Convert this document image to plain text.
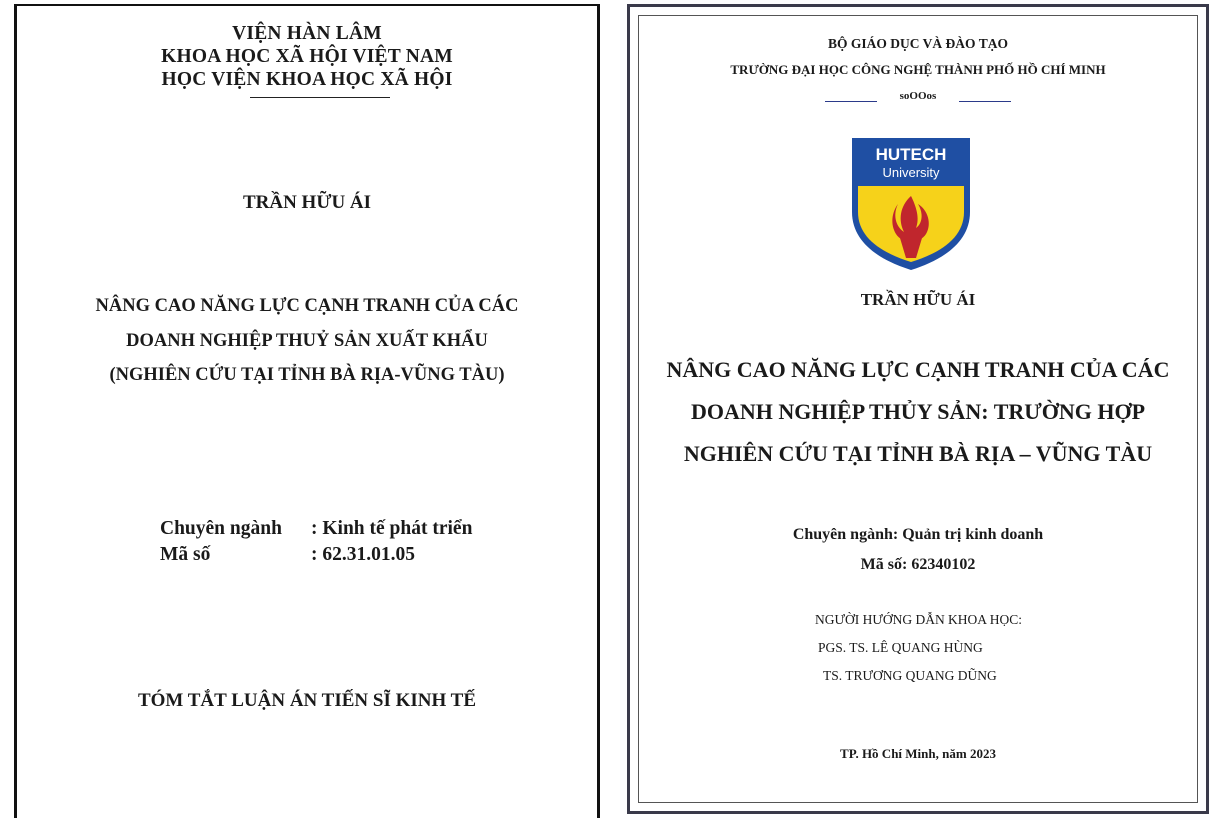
VIỆN HÀN LÂM
KHOA HỌC XÃ HỘI VIỆT NAM
HỌC VIỆN KHOA HỌC XÃ HỘI
TRẦN HỮU ÁI
NÂNG CAO NĂNG LỰC CẠNH TRANH CỦA CÁC
DOANH NGHIỆP THUỶ SẢN XUẤT KHẨU
(NGHIÊN CỨU TẠI TỈNH BÀ RỊA-VŨNG TÀU)
Chuyên ngành : Kinh tế phát triển
Mã số	: 62.31.01.05
TÓM TẮT LUẬN ÁN TIẾN SĨ KINH TẾ
BỘ GIÁO DỤC VÀ ĐÀO TẠO
TRƯỜNG ĐẠI HỌC CÔNG NGHỆ THÀNH PHỐ HỒ CHÍ MINH
soOOos
HUTECH
University
TRẦN HỮU ÁI
NÂNG CAO NĂNG LỰC CẠNH TRANH CỦA CÁC
DOANH NGHIỆP THỦY SẢN: TRƯỜNG HỢP
NGHIÊN CỨU TẠI TỈNH BÀ RỊA – VŨNG TÀU
Chuyên ngành: Quản trị kinh doanh
Mã số: 62340102
NGƯỜI HƯỚNG DẪN KHOA HỌC:
PGS. TS. LÊ QUANG HÙNG
TS. TRƯƠNG QUANG DŨNG
TP. Hồ Chí Minh, năm 2023
